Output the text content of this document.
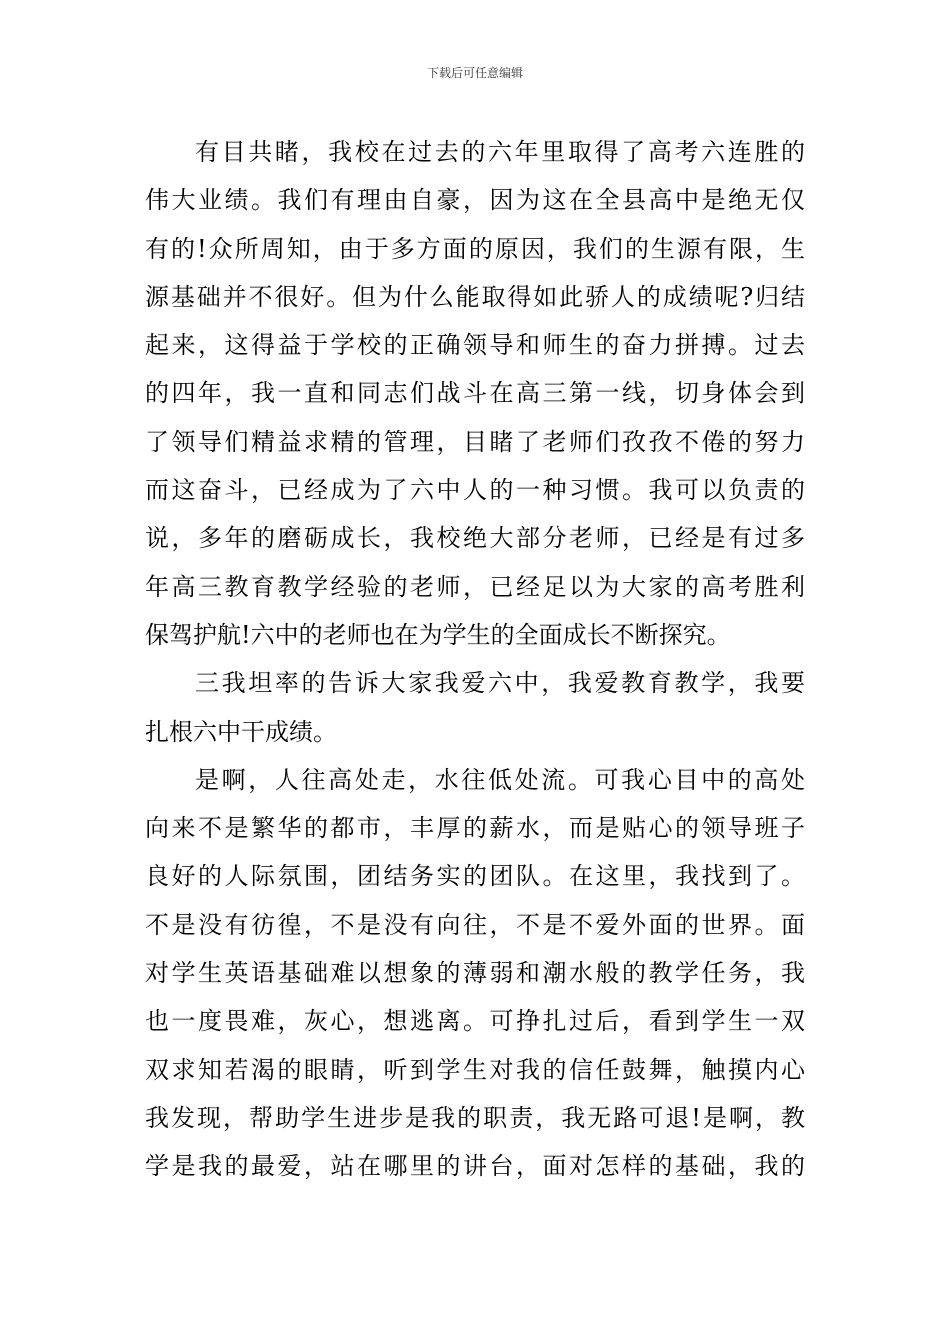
下载后可任意编辑
有目共睹，我校在过去的六年里取得了高考六连胜的
伟大业绩。我们有理由自豪，因为这在全县高中是绝无仅
有的!众所周知，由于多方面的原因，我们的生源有限，生
源基础并不很好。但为什么能取得如此骄人的成绩呢?归结
起来，这得益于学校的正确领导和师生的奋力拼搏。过去
的四年，我一直和同志们战斗在高三第一线，切身体会到
了领导们精益求精的管理，目睹了老师们孜孜不倦的努力
而这奋斗，已经成为了六中人的一种习惯。我可以负责的
说，多年的磨砺成长，我校绝大部分老师，已经是有过多
年高三教育教学经验的老师，已经足以为大家的高考胜利
保驾护航!六中的老师也在为学生的全面成长不断探究。
三我坦率的告诉大家我爱六中，我爱教育教学，我要
扎根六中干成绩。
是啊，人往高处走，水往低处流。可我心目中的高处
向来不是繁华的都市，丰厚的薪水，而是贴心的领导班子
良好的人际氛围，团结务实的团队。在这里，我找到了。
不是没有彷徨，不是没有向往，不是不爱外面的世界。面
对学生英语基础难以想象的薄弱和潮水般的教学任务，我
也一度畏难，灰心，想逃离。可挣扎过后，看到学生一双
双求知若渴的眼睛，听到学生对我的信任鼓舞，触摸内心
我发现，帮助学生进步是我的职责，我无路可退!是啊，教
学是我的最爱，站在哪里的讲台，面对怎样的基础，我的
